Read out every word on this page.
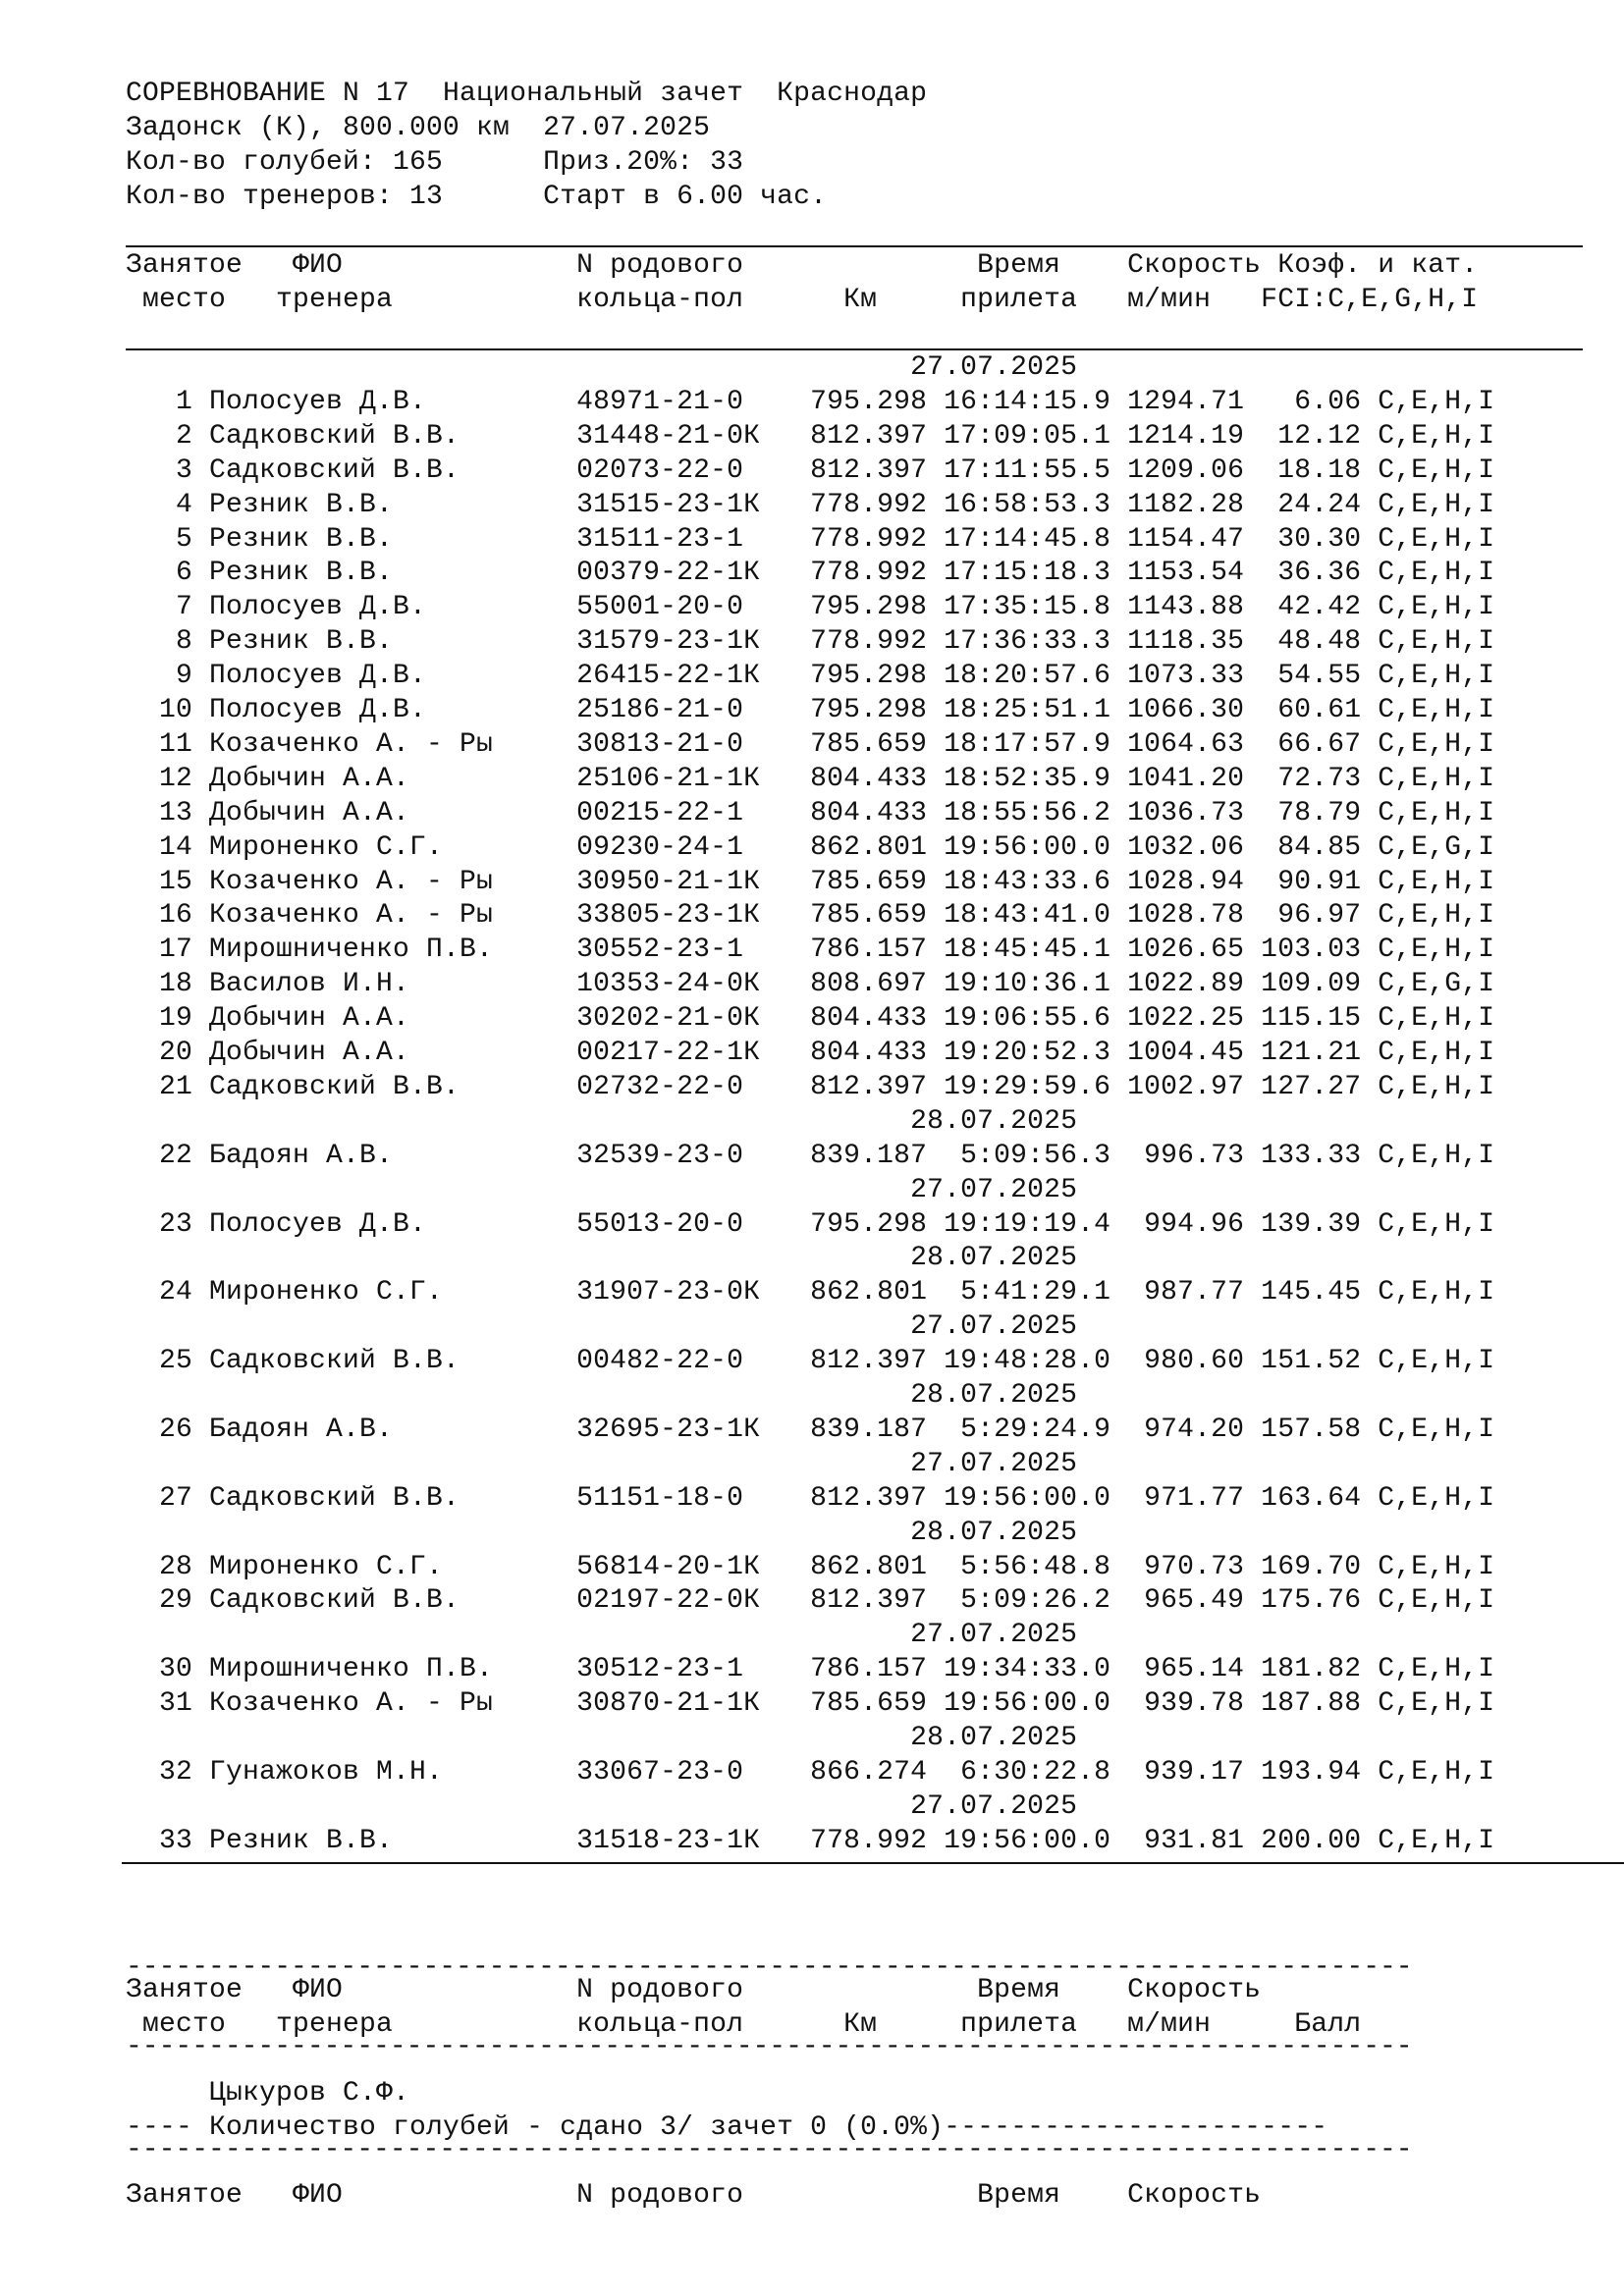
СОРЕВНОВАНИЕ N 17  Национальный зачет  Краснодар
Задонск (К), 800.000 км  27.07.2025
Кол-во голубей: 165      Приз.20%: 33
Кол-во тренеров: 13      Старт в 6.00 час.
Занятое   ФИО              N родового              Время    Скорость Коэф. и кат.
место   тренера           кольца-пол      Км     прилета   м/мин   FCI:C,E,G,H,I
27.07.2025
1 Полосуев Д.В.         48971-21-0    795.298 16:14:15.9 1294.71   6.06 C,E,H,I
2 Садковский В.В.       31448-21-0К   812.397 17:09:05.1 1214.19  12.12 C,E,H,I
3 Садковский В.В.       02073-22-0    812.397 17:11:55.5 1209.06  18.18 C,E,H,I
4 Резник В.В.           31515-23-1К   778.992 16:58:53.3 1182.28  24.24 C,E,H,I
5 Резник В.В.           31511-23-1    778.992 17:14:45.8 1154.47  30.30 C,E,H,I
6 Резник В.В.           00379-22-1К   778.992 17:15:18.3 1153.54  36.36 C,E,H,I
7 Полосуев Д.В.         55001-20-0    795.298 17:35:15.8 1143.88  42.42 C,E,H,I
8 Резник В.В.           31579-23-1К   778.992 17:36:33.3 1118.35  48.48 C,E,H,I
9 Полосуев Д.В.         26415-22-1К   795.298 18:20:57.6 1073.33  54.55 C,E,H,I
10 Полосуев Д.В.         25186-21-0    795.298 18:25:51.1 1066.30  60.61 C,E,H,I
11 Козаченко А. - Ры     30813-21-0    785.659 18:17:57.9 1064.63  66.67 C,E,H,I
12 Добычин А.А.          25106-21-1К   804.433 18:52:35.9 1041.20  72.73 C,E,H,I
13 Добычин А.А.          00215-22-1    804.433 18:55:56.2 1036.73  78.79 C,E,H,I
14 Мироненко С.Г.        09230-24-1    862.801 19:56:00.0 1032.06  84.85 C,E,G,I
15 Козаченко А. - Ры     30950-21-1К   785.659 18:43:33.6 1028.94  90.91 C,E,H,I
16 Козаченко А. - Ры     33805-23-1К   785.659 18:43:41.0 1028.78  96.97 C,E,H,I
17 Мирошниченко П.В.     30552-23-1    786.157 18:45:45.1 1026.65 103.03 C,E,H,I
18 Василов И.Н.          10353-24-0К   808.697 19:10:36.1 1022.89 109.09 C,E,G,I
19 Добычин А.А.          30202-21-0К   804.433 19:06:55.6 1022.25 115.15 C,E,H,I
20 Добычин А.А.          00217-22-1К   804.433 19:20:52.3 1004.45 121.21 C,E,H,I
21 Садковский В.В.       02732-22-0    812.397 19:29:59.6 1002.97 127.27 C,E,H,I
28.07.2025
22 Бадоян А.В.           32539-23-0    839.187  5:09:56.3  996.73 133.33 C,E,H,I
27.07.2025
23 Полосуев Д.В.         55013-20-0    795.298 19:19:19.4  994.96 139.39 C,E,H,I
28.07.2025
24 Мироненко С.Г.        31907-23-0К   862.801  5:41:29.1  987.77 145.45 C,E,H,I
27.07.2025
25 Садковский В.В.       00482-22-0    812.397 19:48:28.0  980.60 151.52 C,E,H,I
28.07.2025
26 Бадоян А.В.           32695-23-1К   839.187  5:29:24.9  974.20 157.58 C,E,H,I
27.07.2025
27 Садковский В.В.       51151-18-0    812.397 19:56:00.0  971.77 163.64 C,E,H,I
28.07.2025
28 Мироненко С.Г.        56814-20-1К   862.801  5:56:48.8  970.73 169.70 C,E,H,I
29 Садковский В.В.       02197-22-0К   812.397  5:09:26.2  965.49 175.76 C,E,H,I
27.07.2025
30 Мирошниченко П.В.     30512-23-1    786.157 19:34:33.0  965.14 181.82 C,E,H,I
31 Козаченко А. - Ры     30870-21-1К   785.659 19:56:00.0  939.78 187.88 C,E,H,I
28.07.2025
32 Гунажоков М.Н.        33067-23-0    866.274  6:30:22.8  939.17 193.94 C,E,H,I
27.07.2025
33 Резник В.В.           31518-23-1К   778.992 19:56:00.0  931.81 200.00 C,E,H,I
------------------------------------------------------------------------------
Занятое   ФИО              N родового              Время    Скорость
место   тренера           кольца-пол      Км     прилета   м/мин     Балл
------------------------------------------------------------------------------
Цыкуров С.Ф.
---- Количество голубей - сдано 3/ зачет 0 (0.0%)-----------------------
------------------------------------------------------------------------------
Занятое   ФИО              N родового              Время    Скорость
